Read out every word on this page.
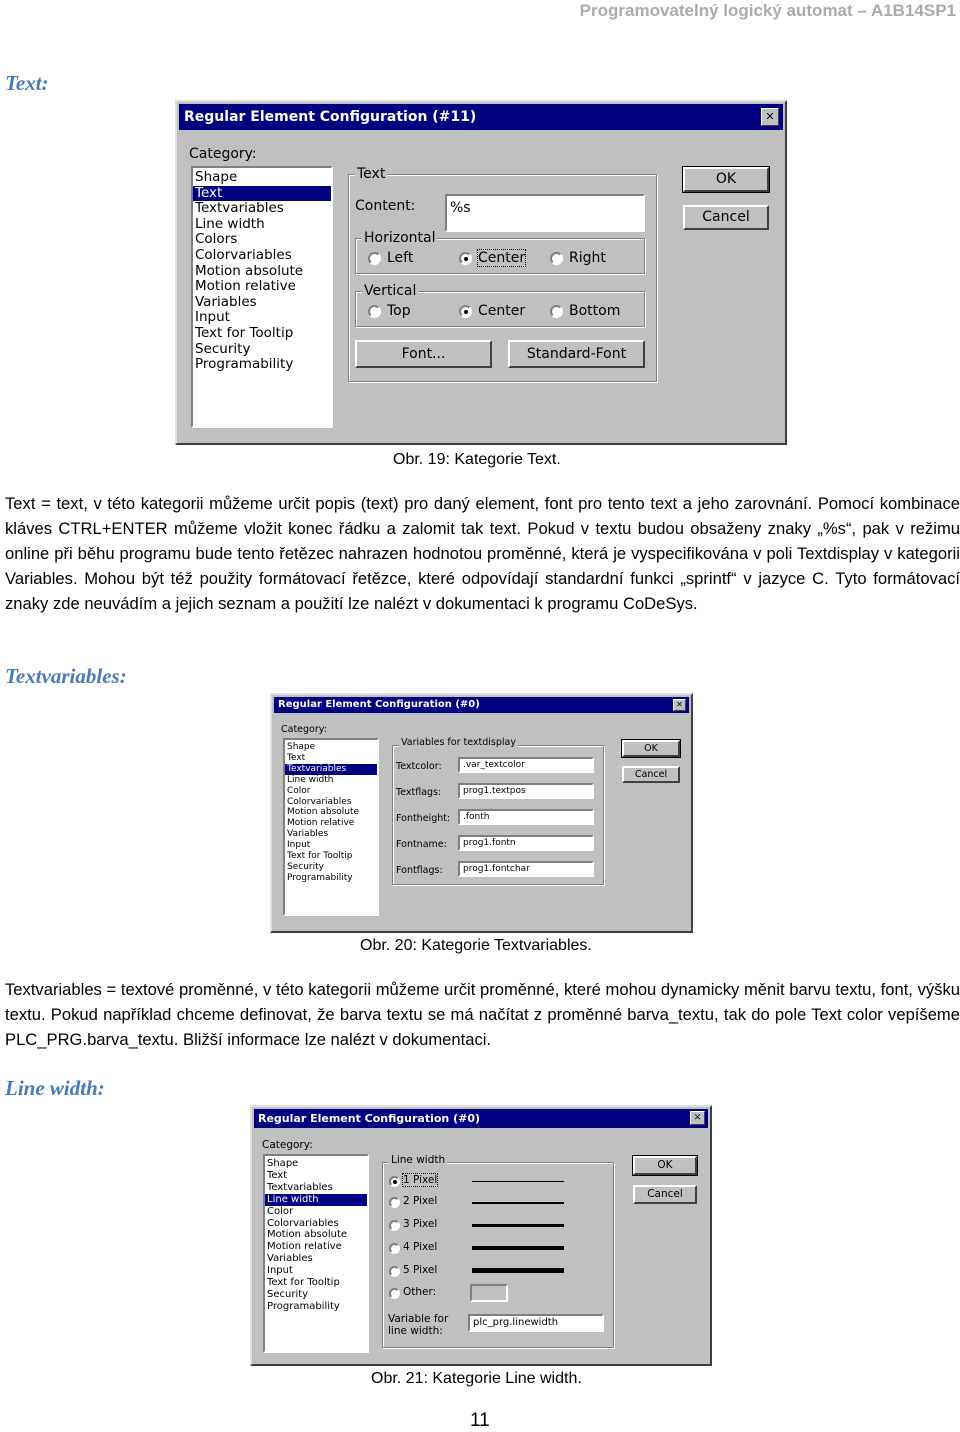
Programovatelný logický automat – A1B14SP1
Text:
Regular Element Configuration (#11)	✕
Category:
Shape
Text
Textvariables
Line width
Colors
Colorvariables
Motion absolute
Motion relative
Variables
Input
Text for Tooltip
Security
Programability
Text
Content:	%s
Horizontal
Left	Center	Right
Vertical
Top	Center	Bottom
Font...	Standard-Font
OK
Cancel
Obr. 19: Kategorie Text.
Text = text, v této kategorii můžeme určit popis (text) pro daný element, font pro tento text a jeho zarovnání. Pomocí kombinace kláves CTRL+ENTER můžeme vložit konec řádku a zalomit tak text. Pokud v textu budou obsaženy znaky „%s“, pak v režimu online při běhu programu bude tento řetězec nahrazen hodnotou proměnné, která je vyspecifikována v poli Textdisplay v kategorii Variables. Mohou být též použity formátovací řetězce, které odpovídají standardní funkci „sprintf“ v jazyce C. Tyto formátovací znaky zde neuvádím a jejich seznam a použití lze nalézt v dokumentaci k programu CoDeSys.
Textvariables:
Regular Element Configuration (#0)	✕
Category:
Shape
Text
Textvariables
Line width
Color
Colorvariables
Motion absolute
Motion relative
Variables
Input
Text for Tooltip
Security
Programability
Variables for textdisplay
Textcolor:	.var_textcolor
Textflags:	prog1.textpos
Fontheight:	.fonth
Fontname:	prog1.fontn
Fontflags:	prog1.fontchar
OK
Cancel
Obr. 20: Kategorie Textvariables.
Textvariables = textové proměnné, v této kategorii můžeme určit proměnné, které mohou dynamicky měnit barvu textu, font, výšku textu. Pokud například chceme definovat, že barva textu se má načítat z proměnné barva_textu, tak do pole Text color vepíšeme PLC_PRG.barva_textu. Bližší informace lze nalézt v dokumentaci.
Line width:
Regular Element Configuration (#0)	✕
Category:
Shape
Text
Textvariables
Line width
Color
Colorvariables
Motion absolute
Motion relative
Variables
Input
Text for Tooltip
Security
Programability
Line width
1 Pixel
2 Pixel
3 Pixel
4 Pixel
5 Pixel
Other:
Variable for
line width:
plc_prg.linewidth
OK
Cancel
Obr. 21: Kategorie Line width.
11
